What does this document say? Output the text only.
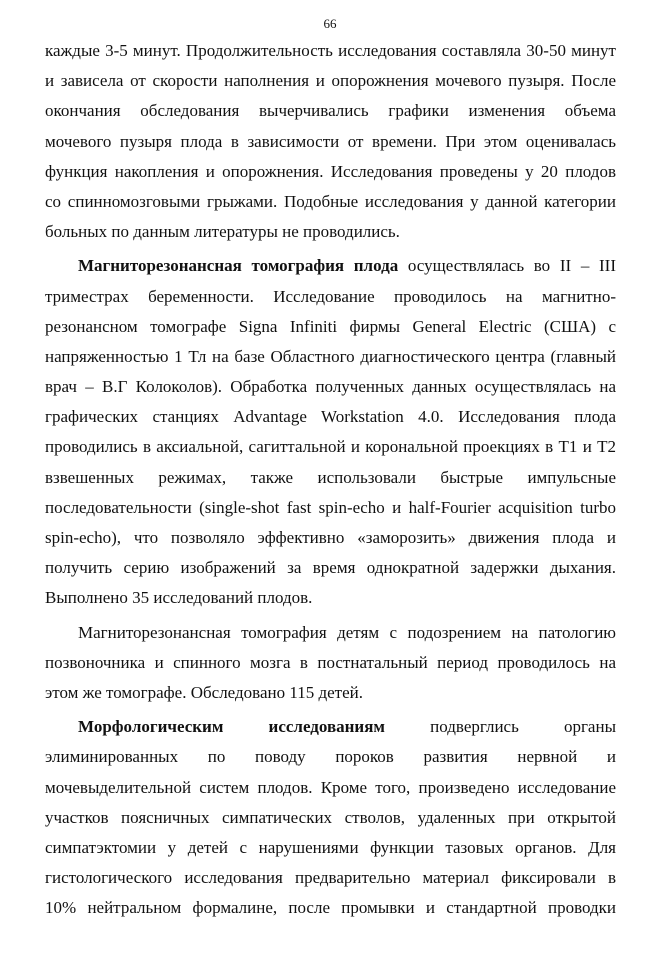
66
каждые 3-5 минут. Продолжительность исследования составляла 30-50 минут
и зависела от скорости наполнения и опорожнения мочевого пузыря. После
окончания обследования вычерчивались графики изменения объема
мочевого пузыря плода в зависимости от времени. При этом оценивалась
функция накопления и опорожнения. Исследования проведены у 20 плодов
со спинномозговыми грыжами. Подобные исследования у данной категории
больных по данным литературы не проводились.
Магниторезонансная томография плода осуществлялась во II – III
триместрах беременности. Исследование проводилось на магнитно-
резонансном томографе Signa Infiniti фирмы General Electric (США) с
напряженностью 1 Тл на базе Областного диагностического центра (главный
врач – В.Г Колоколов). Обработка полученных данных осуществлялась на
графических станциях Advantage Workstation 4.0. Исследования плода
проводились в аксиальной, сагиттальной и корональной проекциях в Т1 и Т2
взвешенных режимах, также использовали быстрые импульсные
последовательности (single-shot fast spin-echo и half-Fourier acquisition turbo
spin-echo), что позволяло эффективно «заморозить» движения плода и
получить серию изображений за время однократной задержки дыхания.
Выполнено 35 исследований плодов.
Магниторезонансная томография детям с подозрением на патологию
позвоночника и спинного мозга в постнатальный период проводилось на
этом же томографе. Обследовано 115 детей.
Морфологическим исследованиям подверглись органы
элиминированных по поводу пороков развития нервной и
мочевыделительной систем плодов. Кроме того, произведено исследование
участков поясничных симпатических стволов, удаленных при открытой
симпатэктомии у детей с нарушениями функции тазовых органов. Для
гистологического исследования предварительно материал фиксировали в
10% нейтральном формалине, после промывки и стандартной проводки
